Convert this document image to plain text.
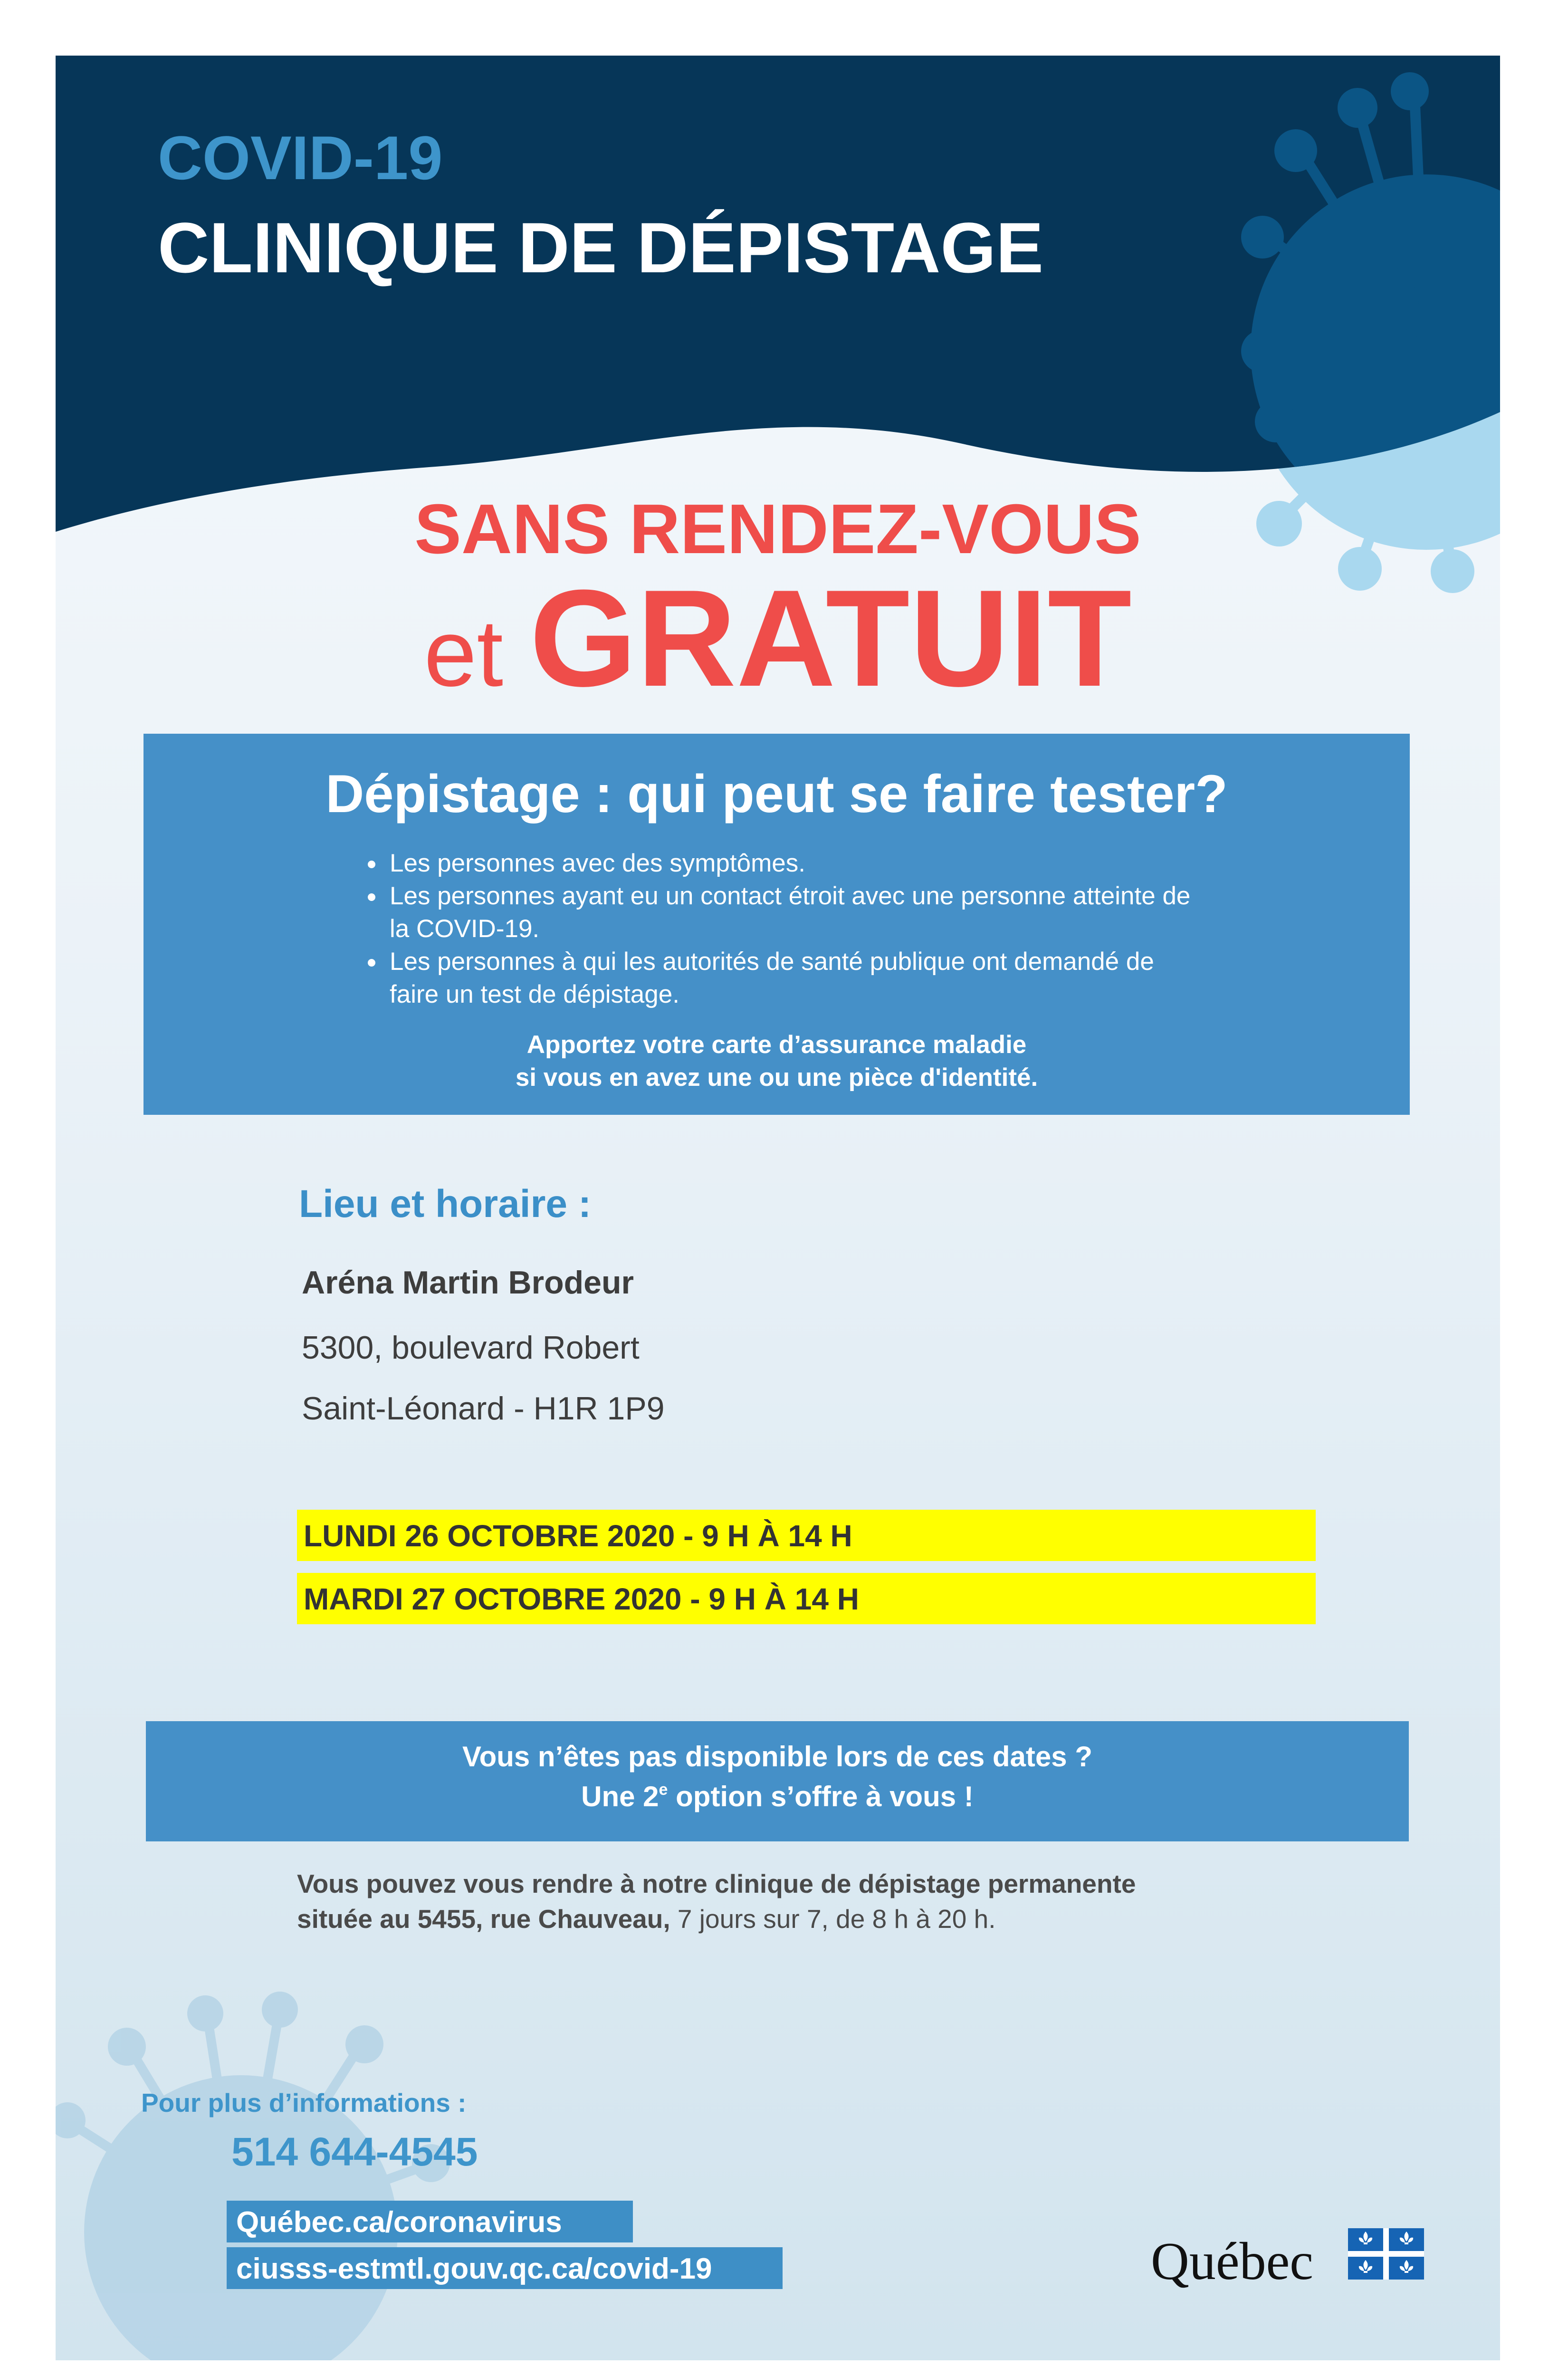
COVID-19
CLINIQUE DE DÉPISTAGE
SANS RENDEZ-VOUS
et GRATUIT
Dépistage : qui peut se faire tester?
• Les personnes avec des symptômes.
• Les personnes ayant eu un contact étroit avec une personne atteinte de la COVID-19.
• Les personnes à qui les autorités de santé publique ont demandé de faire un test de dépistage.
Apportez votre carte d’assurance maladie
si vous en avez une ou une pièce d'identité.
Lieu et horaire :
Aréna Martin Brodeur
5300, boulevard Robert
Saint-Léonard - H1R 1P9
LUNDI 26 OCTOBRE 2020 - 9 H À 14 H
MARDI 27 OCTOBRE 2020 - 9 H À 14 H
Vous n’êtes pas disponible lors de ces dates ?
Une 2e option s’offre à vous !
Vous pouvez vous rendre à notre clinique de dépistage permanente
située au 5455, rue Chauveau, 7 jours sur 7, de 8 h à 20 h.
Pour plus d’informations :
514 644-4545
Québec.ca/coronavirus
ciusss-estmtl.gouv.qc.ca/covid-19	Québec
